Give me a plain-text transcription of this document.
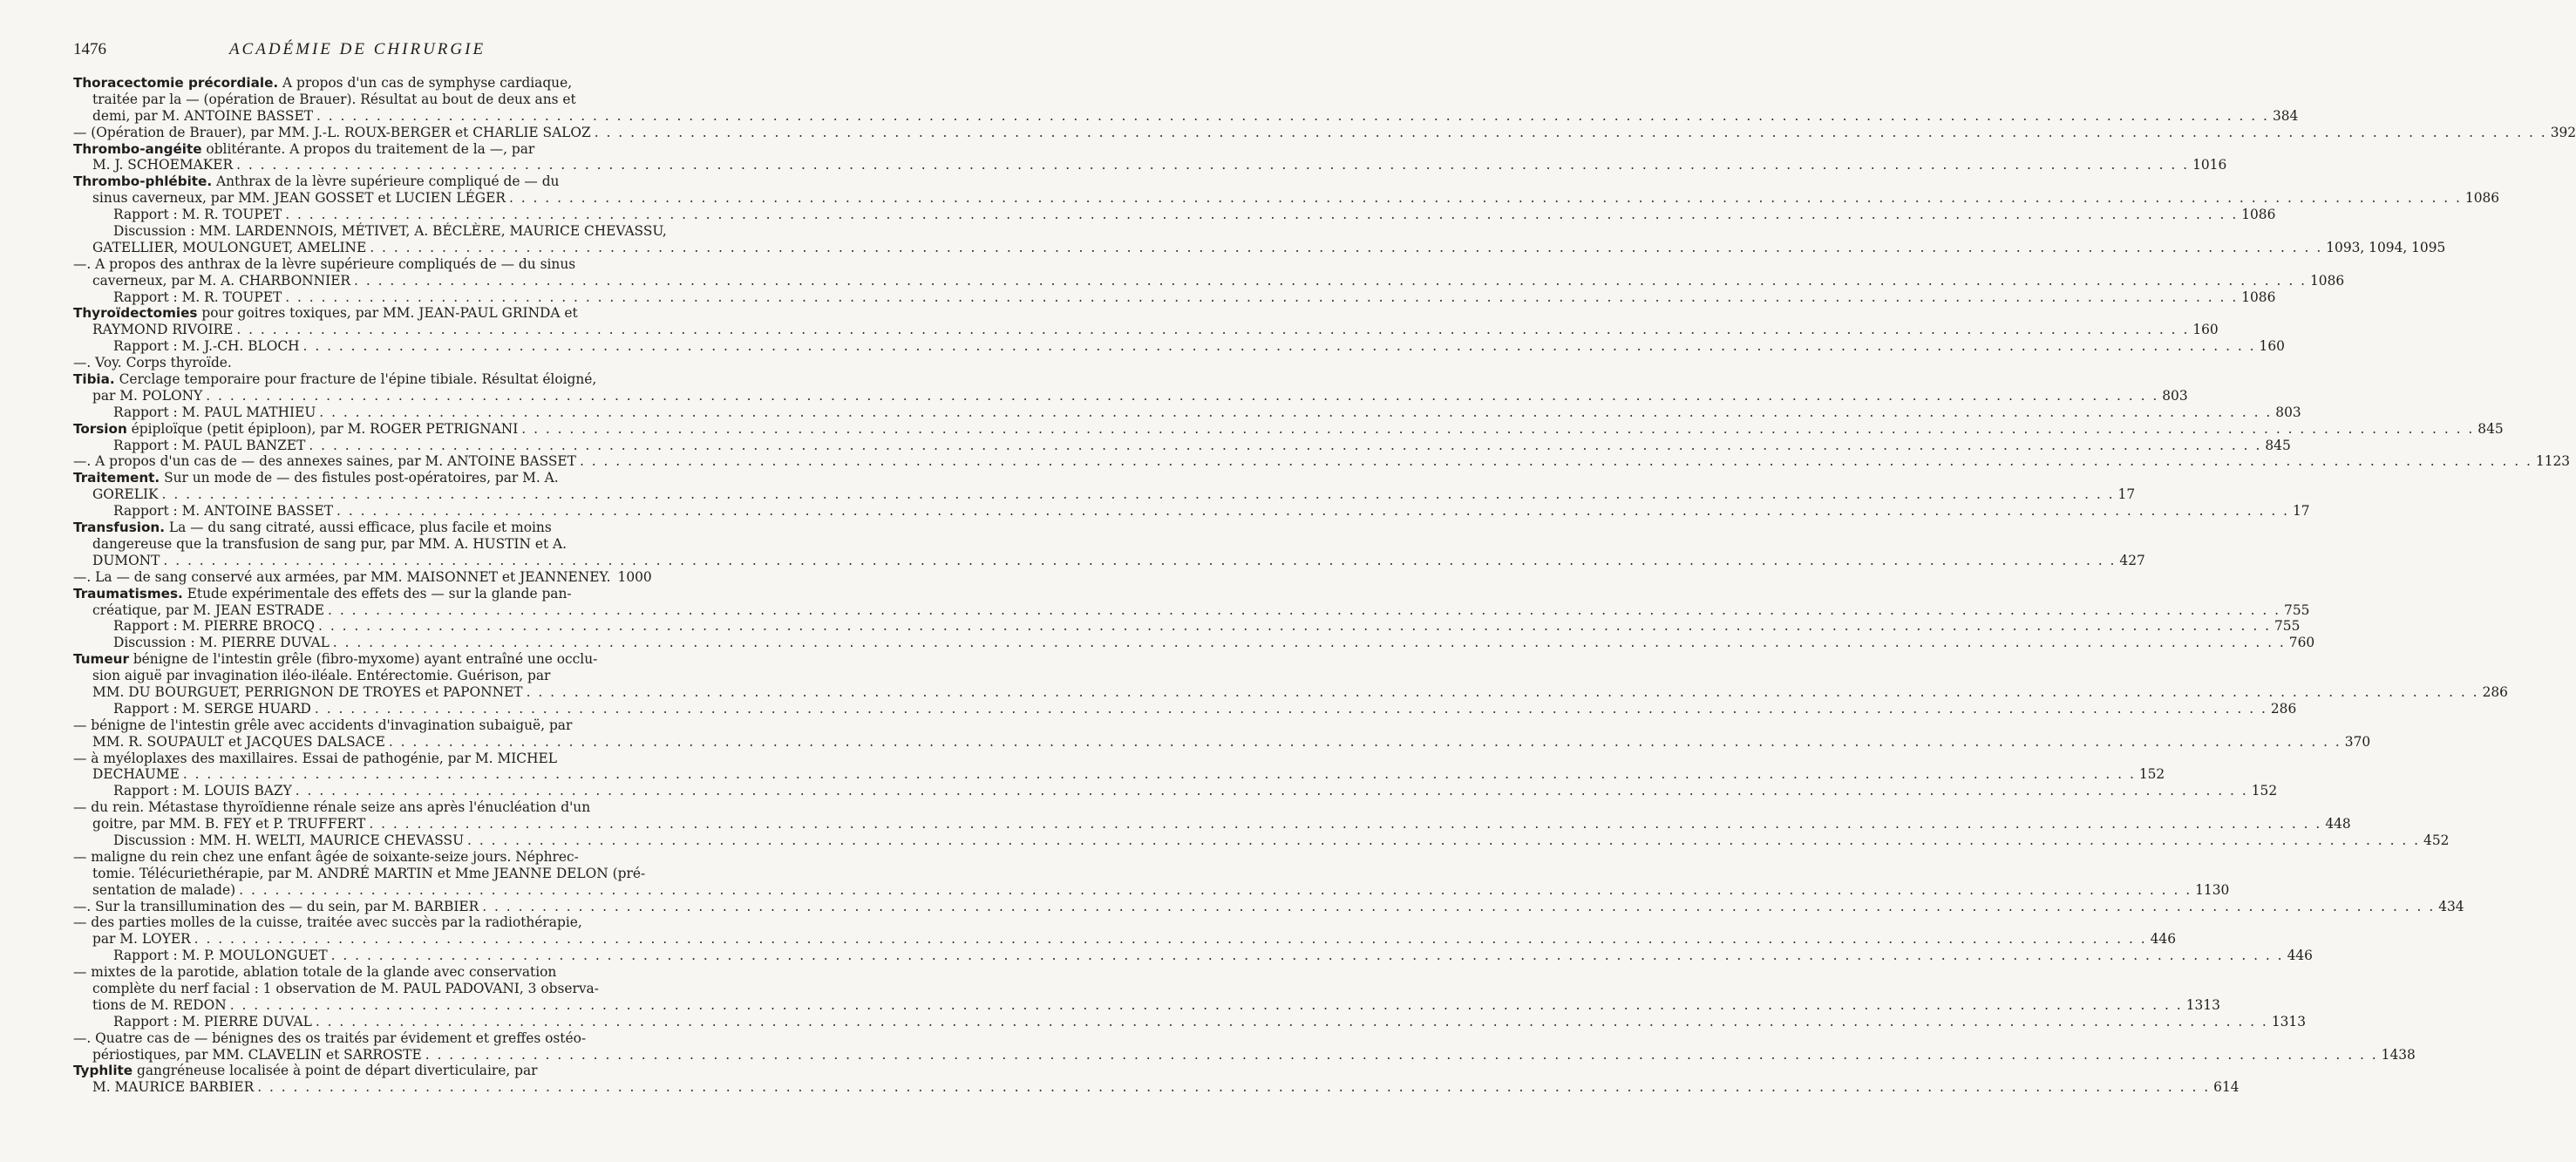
1476	ACADÉMIE DE CHIRURGIE
Thoracectomie précordiale. A propos d'un cas de symphyse cardiaque,
traitée par la — (opération de Brauer). Résultat au bout de deux ans et
demi, par M. ANTOINE BASSET . . .	384
— (Opération de Brauer), par MM. J.-L. ROUX-BERGER et CHARLIE SALOZ . . .	392
Thrombo-angéite oblitérante. A propos du traitement de la —, par
M. J. SCHOEMAKER . . .	1016
Thrombo-phlébite. Anthrax de la lèvre supérieure compliqué de — du
sinus caverneux, par MM. JEAN GOSSET et LUCIEN LÉGER . . .	1086
Rapport : M. R. TOUPET . . .	1086
Discussion : MM. LARDENNOIS, MÉTIVET, A. BÉCLÈRE, MAURICE CHEVASSU,
GATELLIER, MOULONGUET, AMELINE . . .	1093, 1094, 1095
—. A propos des anthrax de la lèvre supérieure compliqués de — du sinus
caverneux, par M. A. CHARBONNIER . . .	1086
Rapport : M. R. TOUPET . . .	1086
Thyroïdectomies pour goitres toxiques, par MM. JEAN-PAUL GRINDA et
RAYMOND RIVOIRE . . .	160
Rapport : M. J.-CH. BLOCH . . .	160
—. Voy. Corps thyroïde.
Tibia. Cerclage temporaire pour fracture de l'épine tibiale. Résultat éloigné,
par M. POLONY . . .	803
Rapport : M. PAUL MATHIEU . . .	803
Torsion épiploïque (petit épiploon), par M. ROGER PETRIGNANI . . .	845
Rapport : M. PAUL BANZET . . .	845
—. A propos d'un cas de — des annexes saines, par M. ANTOINE BASSET . . .	1123
Traitement. Sur un mode de — des fistules post-opératoires, par M. A.
GORELIK . . .	17
Rapport : M. ANTOINE BASSET . . .	17
Transfusion. La — du sang citraté, aussi efficace, plus facile et moins
dangereuse que la transfusion de sang pur, par MM. A. HUSTIN et A.
DUMONT . . .	427
—. La — de sang conservé aux armées, par MM. MAISONNET et JEANNENEY. 1000
Traumatismes. Etude expérimentale des effets des — sur la glande pan-
créatique, par M. JEAN ESTRADE . . .	755
Rapport : M. PIERRE BROCQ . . .	755
Discussion : M. PIERRE DUVAL . . .	760
Tumeur bénigne de l'intestin grêle (fibro-myxome) ayant entraîné une occlu-
sion aiguë par invagination iléo-iléale. Entérectomie. Guérison, par
MM. DU BOURGUET, PERRIGNON DE TROYES et PAPONNET . . .	286
Rapport : M. SERGE HUARD . . .	286
— bénigne de l'intestin grêle avec accidents d'invagination subaiguë, par
MM. R. SOUPAULT et JACQUES DALSACE . . .	370
— à myéloplaxes des maxillaires. Essai de pathogénie, par M. MICHEL
DECHAUME . . .	152
Rapport : M. LOUIS BAZY . . .	152
— du rein. Métastase thyroïdienne rénale seize ans après l'énucléation d'un
goitre, par MM. B. FEY et P. TRUFFERT . . .	448
Discussion : MM. H. WELTI, MAURICE CHEVASSU . . .	452
— maligne du rein chez une enfant âgée de soixante-seize jours. Néphrec-
tomie. Télécuriethérapie, par M. ANDRÉ MARTIN et Mme JEANNE DELON (pré-
sentation de malade) . . .	1130
—. Sur la transillumination des — du sein, par M. BARBIER . . .	434
— des parties molles de la cuisse, traitée avec succès par la radiothérapie,
par M. LOYER . . .	446
Rapport : M. P. MOULONGUET . . .	446
— mixtes de la parotide, ablation totale de la glande avec conservation
complète du nerf facial : 1 observation de M. PAUL PADOVANI, 3 observa-
tions de M. REDON . . .	1313
Rapport : M. PIERRE DUVAL . . .	1313
—. Quatre cas de — bénignes des os traités par évidement et greffes ostéo-
périostiques, par MM. CLAVELIN et SARROSTE . . .	1438
Typhlite gangréneuse localisée à point de départ diverticulaire, par
M. MAURICE BARBIER . . .	614
